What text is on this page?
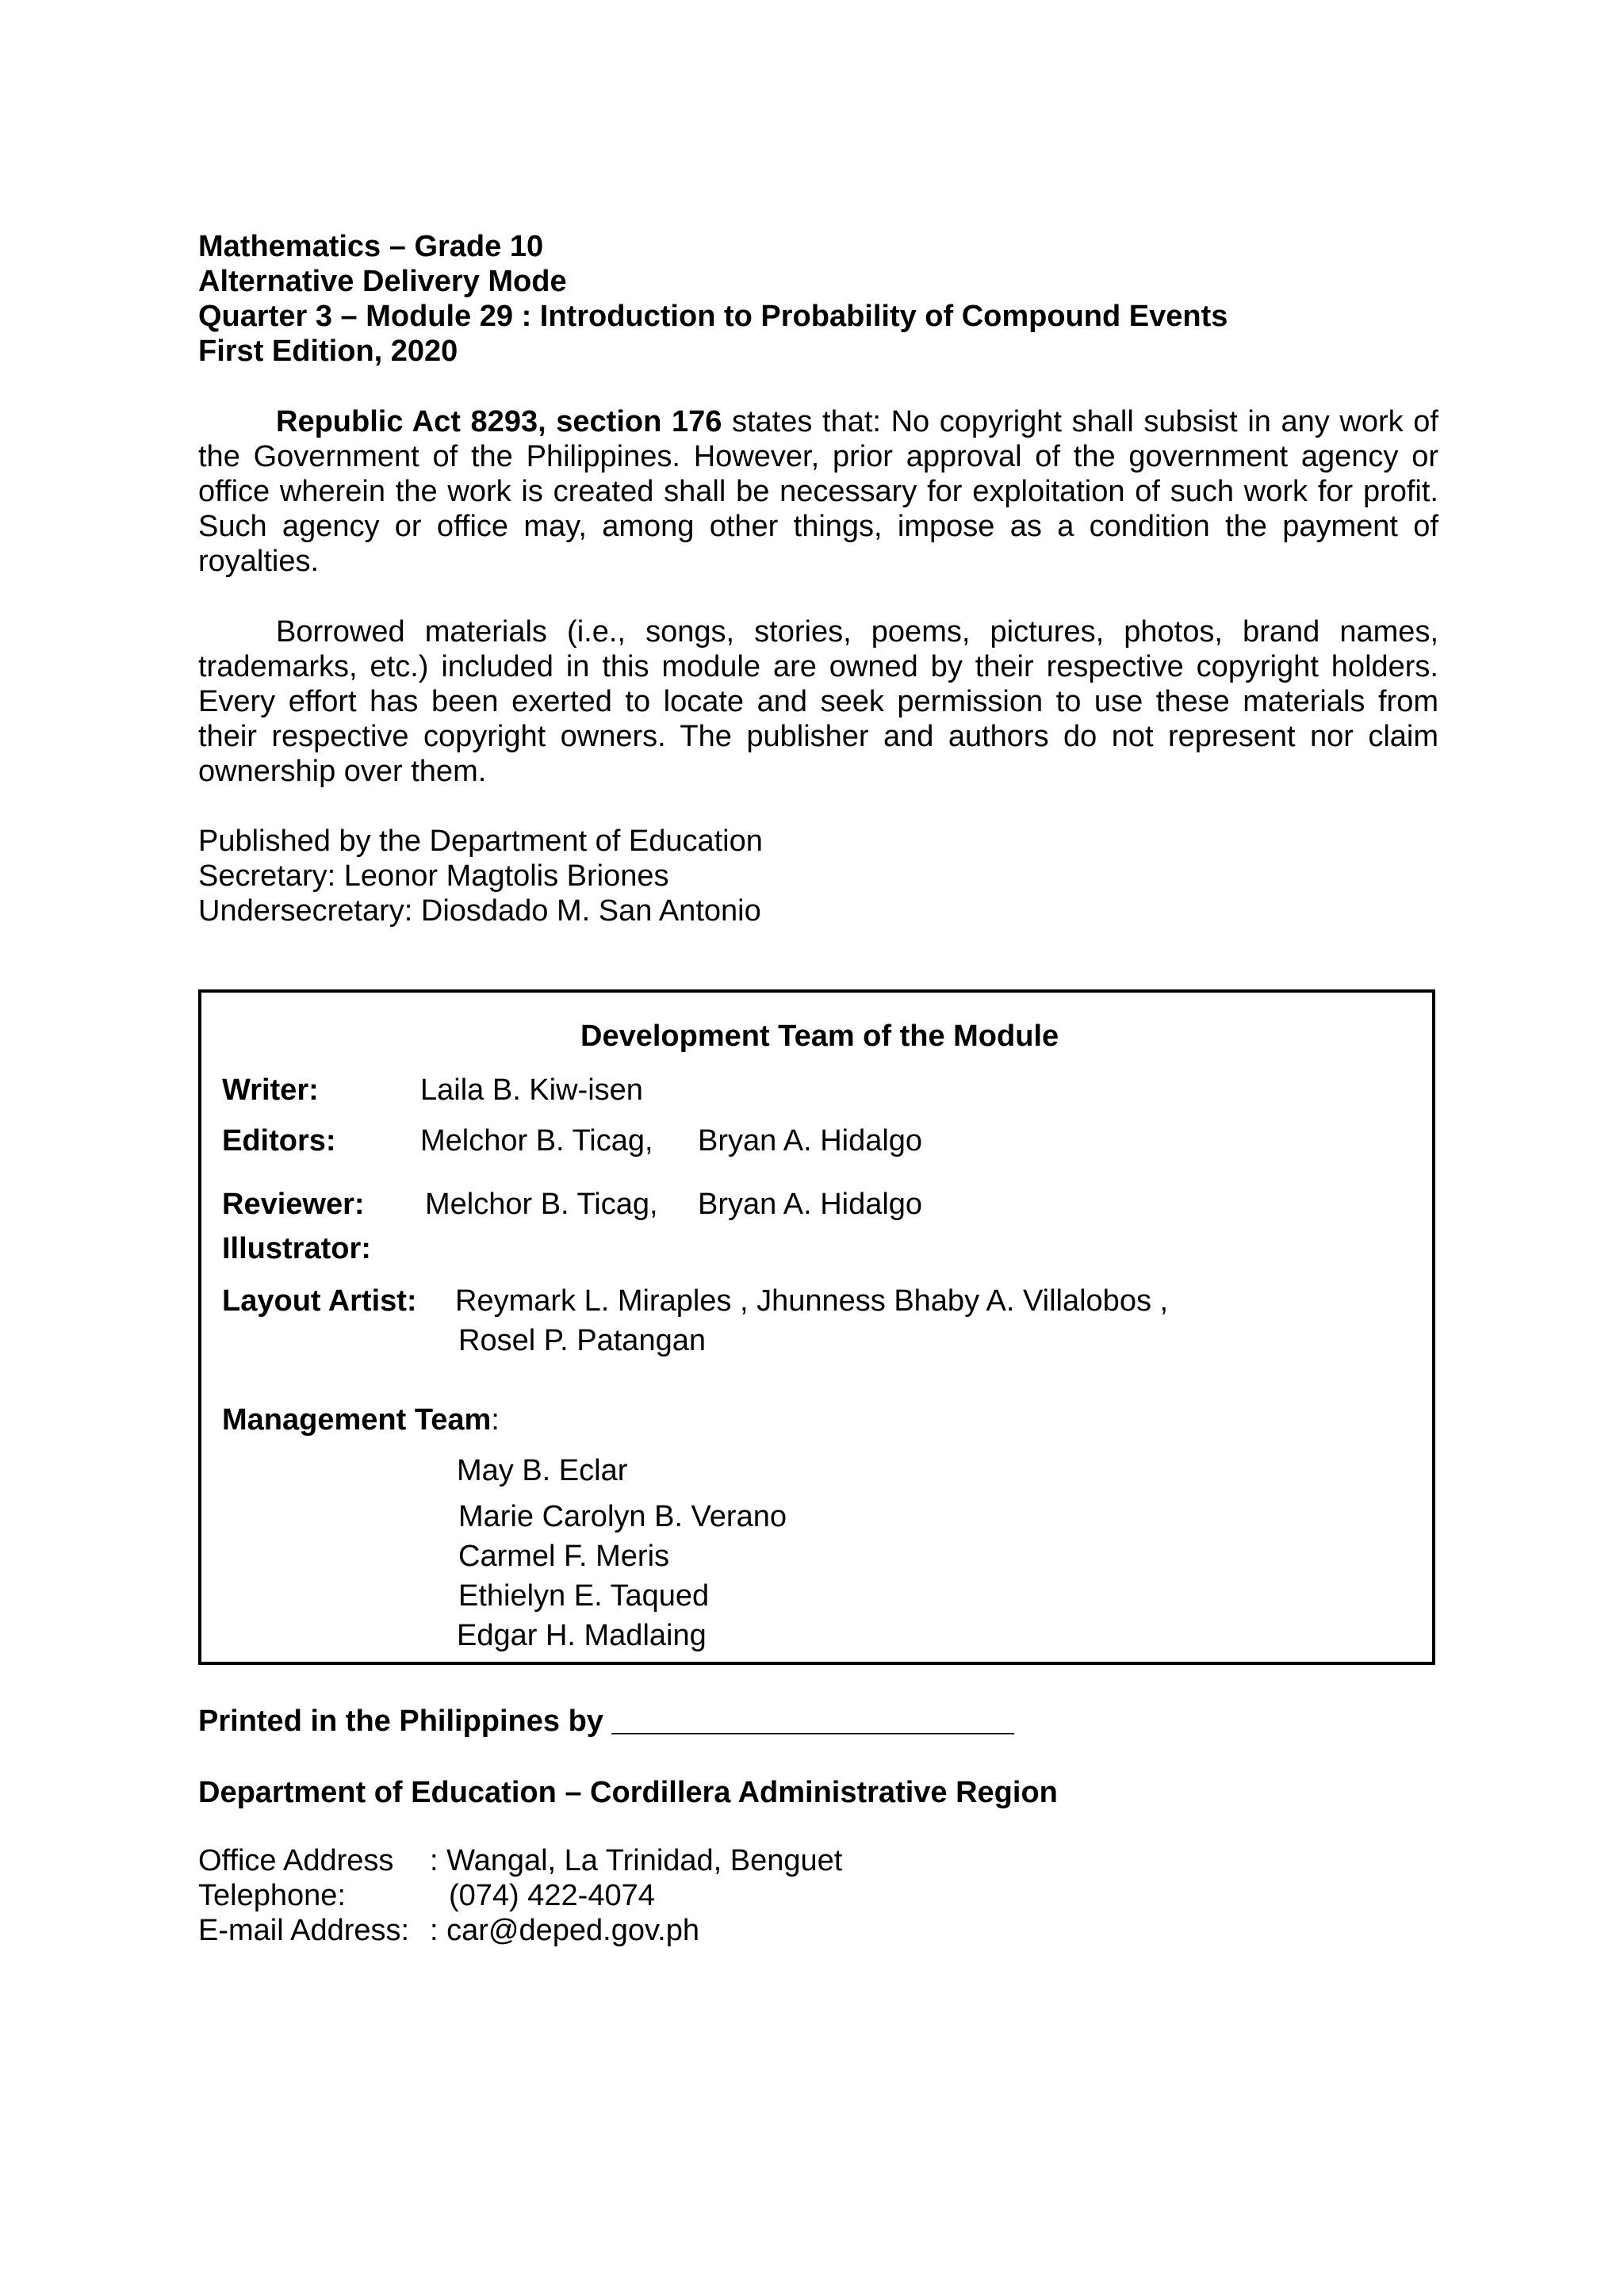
Mathematics – Grade 10
Alternative Delivery Mode
Quarter 3 – Module 29 : Introduction to Probability of Compound Events
First Edition, 2020
Republic Act 8293, section 176 states that: No copyright shall subsist in any work of the Government of the Philippines. However, prior approval of the government agency or office wherein the work is created shall be necessary for exploitation of such work for profit. Such agency or office may, among other things, impose as a condition the payment of royalties.
Borrowed materials (i.e., songs, stories, poems, pictures, photos, brand names, trademarks, etc.) included in this module are owned by their respective copyright holders. Every effort has been exerted to locate and seek permission to use these materials from their respective copyright owners. The publisher and authors do not represent nor claim ownership over them.
Published by the Department of Education
Secretary: Leonor Magtolis Briones
Undersecretary: Diosdado M. San Antonio
Development Team of the Module
Writer:	Laila B. Kiw-isen
Editors:	Melchor B. Ticag, Bryan A. Hidalgo
Reviewer: Melchor B. Ticag, Bryan A. Hidalgo
Illustrator:
Layout Artist: Reymark L. Miraples , Jhunness Bhaby A. Villalobos ,
Rosel P. Patangan
Management Team:
May B. Eclar
Marie Carolyn B. Verano
Carmel F. Meris
Ethielyn E. Taqued
Edgar H. Madlaing
Printed in the Philippines by ________________________
Department of Education – Cordillera Administrative Region
Office Address : Wangal, La Trinidad, Benguet
Telephone:	(074) 422-4074
E-mail Address: : car@deped.gov.ph
